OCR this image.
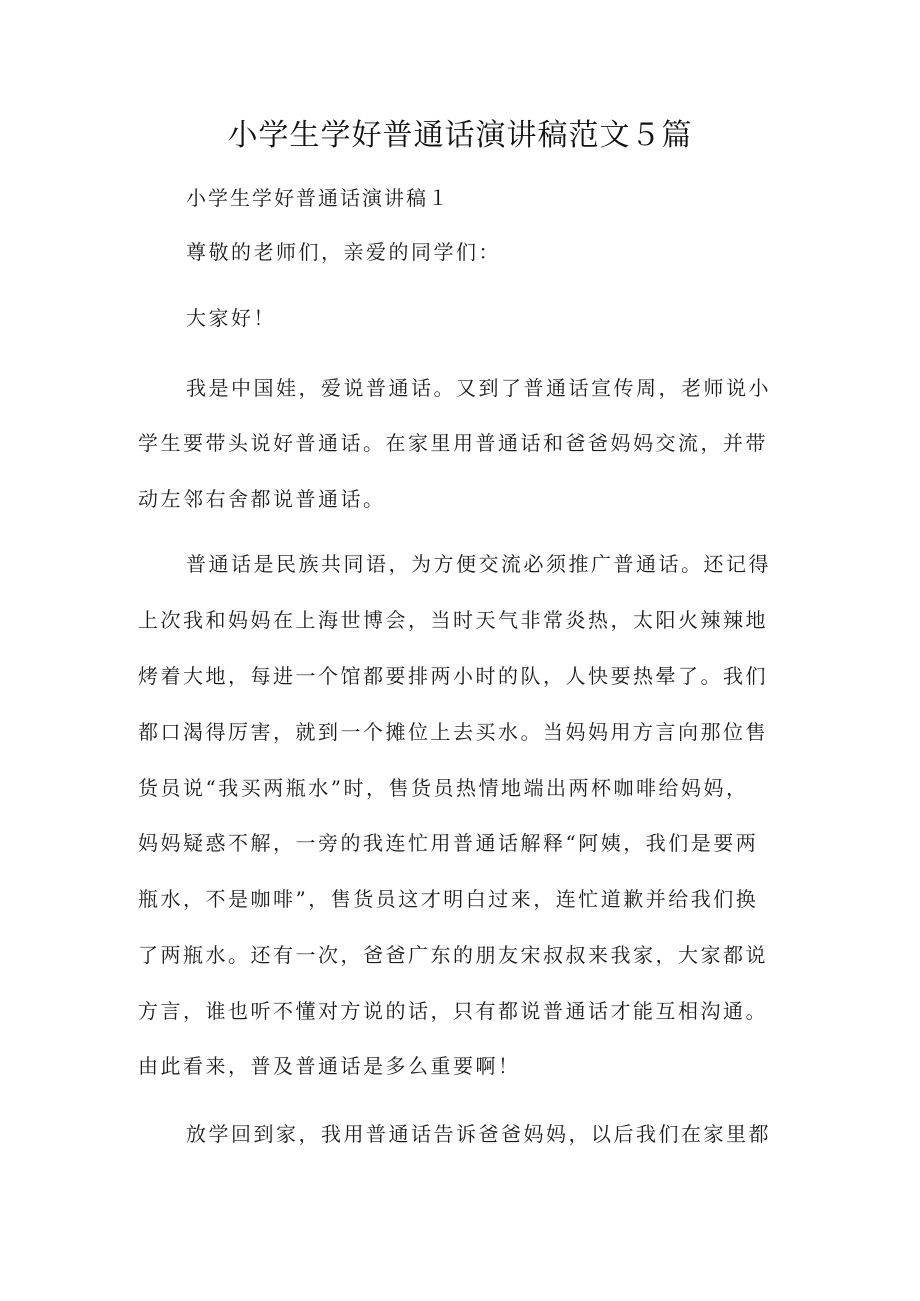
小学生学好普通话演讲稿范文５篇

小学生学好普通话演讲稿１

尊敬的老师们，亲爱的同学们：

大家好！

我是中国娃，爱说普通话。又到了普通话宣传周，老师说小

学生要带头说好普通话。在家里用普通话和爸爸妈妈交流，并带

动左邻右舍都说普通话。

普通话是民族共同语，为方便交流必须推广普通话。还记得

上次我和妈妈在上海世博会，当时天气非常炎热，太阳火辣辣地

烤着大地，每进一个馆都要排两小时的队，人快要热晕了。我们

都口渴得厉害，就到一个摊位上去买水。当妈妈用方言向那位售

货员说“我买两瓶水”时，售货员热情地端出两杯咖啡给妈妈，

妈妈疑惑不解，一旁的我连忙用普通话解释“阿姨，我们是要两

瓶水，不是咖啡”，售货员这才明白过来，连忙道歉并给我们换

了两瓶水。还有一次，爸爸广东的朋友宋叔叔来我家，大家都说

方言，谁也听不懂对方说的话，只有都说普通话才能互相沟通。

由此看来，普及普通话是多么重要啊！

放学回到家，我用普通话告诉爸爸妈妈，以后我们在家里都
